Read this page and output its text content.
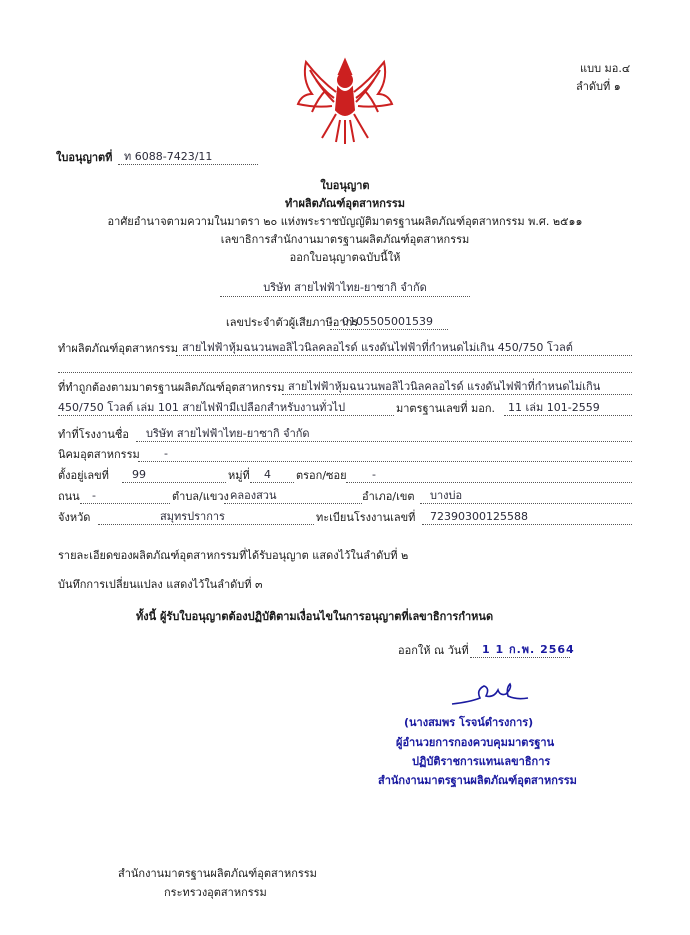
แบบ มอ.๔
ลำดับที่ ๑
ใบอนุญาตที่ ท 6088-7423/11
ใบอนุญาต
ทำผลิตภัณฑ์อุตสาหกรรม
อาศัยอำนาจตามความในมาตรา ๒๐ แห่งพระราชบัญญัติมาตรฐานผลิตภัณฑ์อุตสาหกรรม พ.ศ. ๒๕๑๑
เลขาธิการสำนักงานมาตรฐานผลิตภัณฑ์อุตสาหกรรม
ออกใบอนุญาตฉบับนี้ให้
บริษัท สายไฟฟ้าไทย-ยาซากิ จำกัด
เลขประจำตัวผู้เสียภาษีอากร
0105505001539
ทำผลิตภัณฑ์อุตสาหกรรม สายไฟฟ้าหุ้มฉนวนพอลิไวนิลคลอไรด์ แรงดันไฟฟ้าที่กำหนดไม่เกิน 450/750 โวลต์
ที่ทำถูกต้องตามมาตรฐานผลิตภัณฑ์อุตสาหกรรม สายไฟฟ้าหุ้มฉนวนพอลิไวนิลคลอไรด์ แรงดันไฟฟ้าที่กำหนดไม่เกิน
450/750 โวลต์ เล่ม 101 สายไฟฟ้ามีเปลือกสำหรับงานทั่วไป	มาตรฐานเลขที่ มอก. 11 เล่ม 101-2559
ทำที่โรงงานชื่อ บริษัท สายไฟฟ้าไทย-ยาซากิ จำกัด
นิคมอุตสาหกรรม -
ตั้งอยู่เลขที่ 99	หมู่ที่ 4 ตรอก/ซอย -
ถนน -	ตำบล/แขวง คลองสวน	อำเภอ/เขต บางบ่อ
จังหวัด	สมุทรปราการ	ทะเบียนโรงงานเลขที่ 72390300125588
รายละเอียดของผลิตภัณฑ์อุตสาหกรรมที่ได้รับอนุญาต แสดงไว้ในลำดับที่ ๒
บันทึกการเปลี่ยนแปลง แสดงไว้ในลำดับที่ ๓
ทั้งนี้ ผู้รับใบอนุญาตต้องปฏิบัติตามเงื่อนไขในการอนุญาตที่เลขาธิการกำหนด
ออกให้ ณ วันที่ 1 1 ก.พ. 2564
(นางสมพร โรจน์ดำรงการ)
ผู้อำนวยการกองควบคุมมาตรฐาน
ปฏิบัติราชการแทนเลขาธิการ
สำนักงานมาตรฐานผลิตภัณฑ์อุตสาหกรรม
สำนักงานมาตรฐานผลิตภัณฑ์อุตสาหกรรม
กระทรวงอุตสาหกรรม
